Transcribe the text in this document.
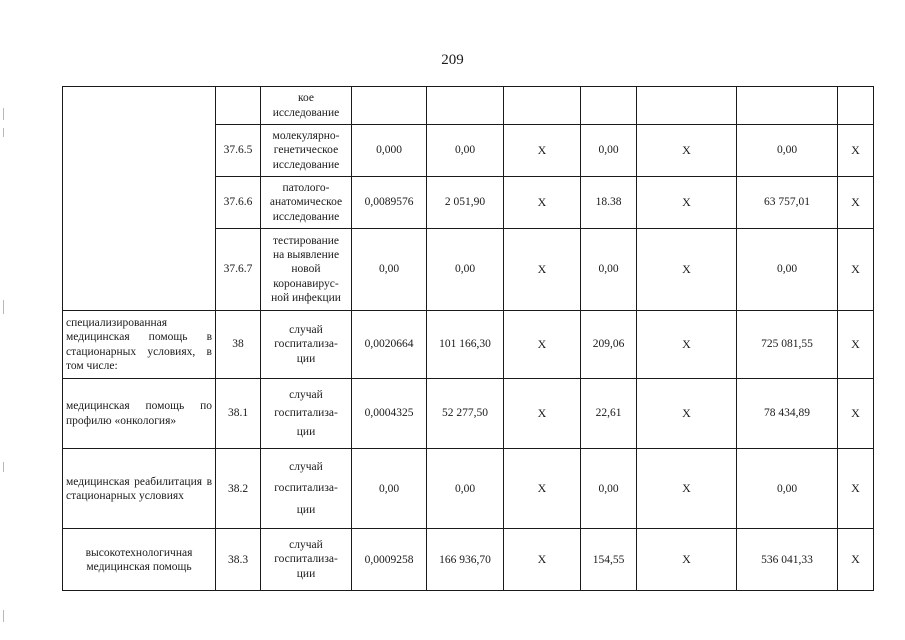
209

		кое
исследование							

	37.6.5	молекулярно-
генетическое
исследование	0,000	0,00	X	0,00	X	0,00	X
	37.6.6	патолого-
анатомическое
исследование	0,0089576	2 051,90	X	18.38	X	63 757,01	X
	37.6.7	тестирование
на выявление
новой
коронавирус-
ной инфекции	0,00	0,00	X	0,00	X	0,00	X
специализированная медицинская помощь в стационарных условиях, в том числе:	38	случай
госпитализа-
ции	0,0020664	101 166,30	X	209,06	X	725 081,55	X
медицинская помощь по профилю «онкология»	38.1	случай
госпитализа-
ции	0,0004325	52 277,50	X	22,61	X	78 434,89	X
медицинская реабилитация в стационарных условиях	38.2	случай
госпитализа-
ции	0,00	0,00	X	0,00	X	0,00	X
высокотехнологичная медицинская помощь	38.3	случай
госпитализа-
ции	0,0009258	166 936,70	X	154,55	X	536 041,33	X
